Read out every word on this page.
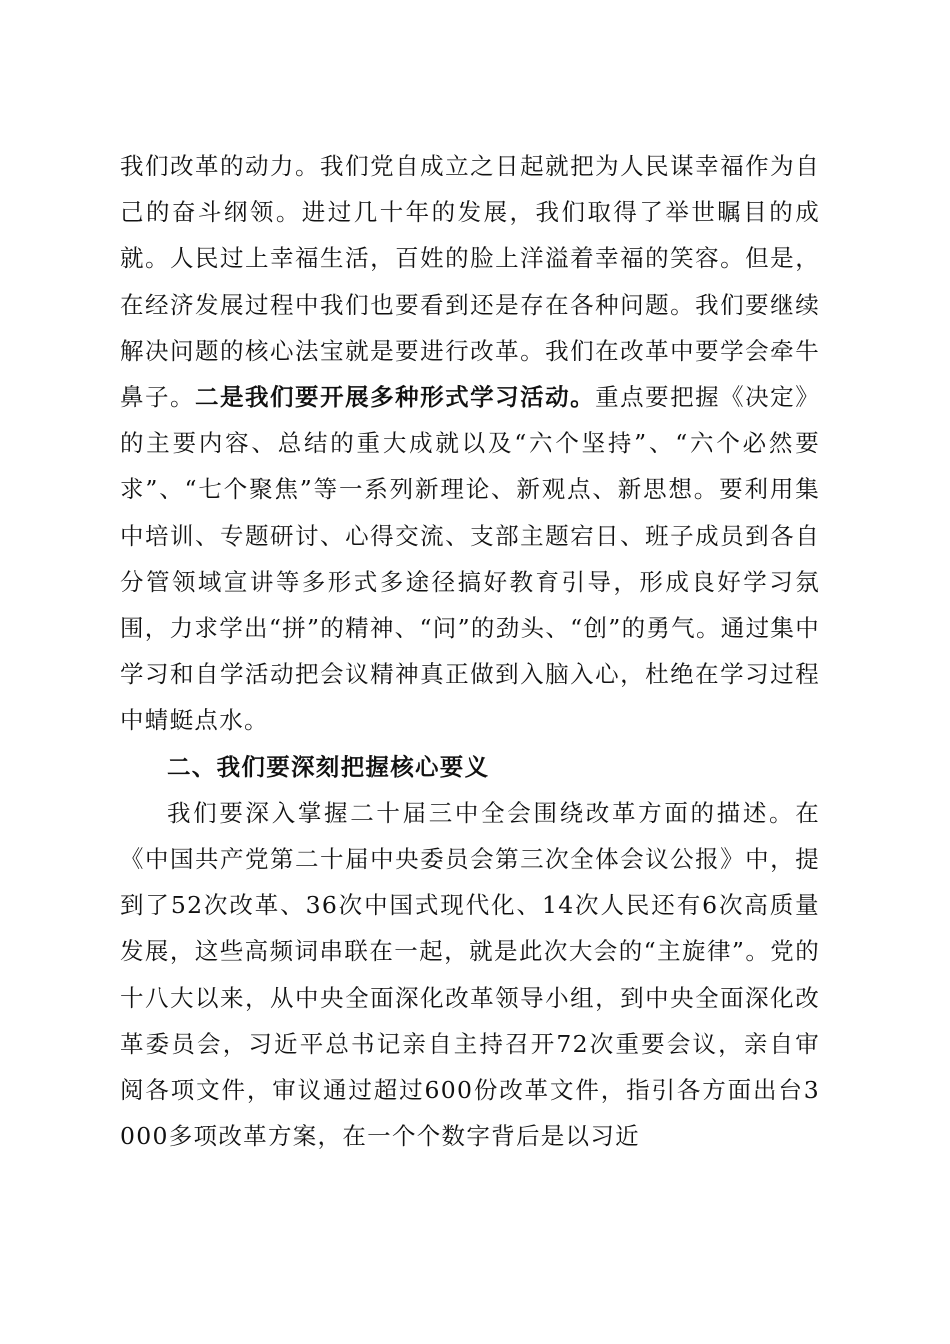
我们改革的动力。我们党自成立之日起就把为人民谋幸福作为自己的奋斗纲领。进过几十年的发展，我们取得了举世瞩目的成就。人民过上幸福生活，百姓的脸上洋溢着幸福的笑容。但是，在经济发展过程中我们也要看到还是存在各种问题。我们要继续解决问题的核心法宝就是要进行改革。我们在改革中要学会牵牛鼻子。二是我们要开展多种形式学习活动。重点要把握《决定》的主要内容、总结的重大成就以及“六个坚持”、“六个必然要求”、“七个聚焦”等一系列新理论、新观点、新思想。要利用集中培训、专题研讨、心得交流、支部主题宕日、班子成员到各自分管领域宣讲等多形式多途径搞好教育引导，形成良好学习氛围，力求学出“拼”的精神、“问”的劲头、“创”的勇气。通过集中学习和自学活动把会议精神真正做到入脑入心，杜绝在学习过程中蜻蜓点水。

二、我们要深刻把握核心要义

我们要深入掌握二十届三中全会围绕改革方面的描述。在《中国共产党第二十届中央委员会第三次全体会议公报》中，提到了52次改革、36次中国式现代化、14次人民还有6次高质量发展，这些高频词串联在一起，就是此次大会的“主旋律”。党的十八大以来，从中央全面深化改革领导小组，到中央全面深化改革委员会，习近平总书记亲自主持召开72次重要会议，亲自审阅各项文件，审议通过超过600份改革文件，指引各方面出台3000多项改革方案，在一个个数字背后是以习近
